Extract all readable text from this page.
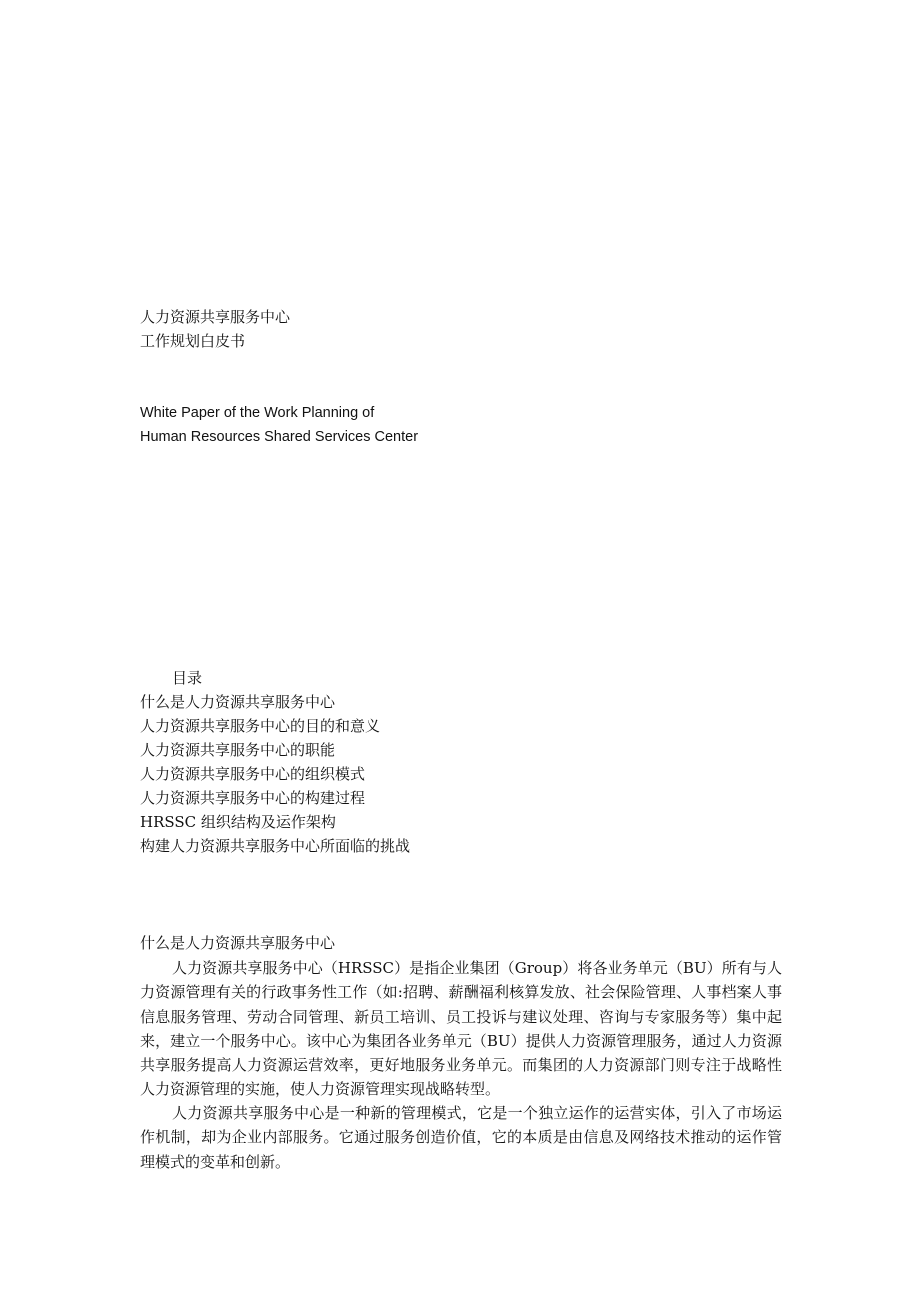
人力资源共享服务中心
工作规划白皮书
White Paper of the Work Planning of
Human Resources Shared Services Center
目录
什么是人力资源共享服务中心
人力资源共享服务中心的目的和意义
人力资源共享服务中心的职能
人力资源共享服务中心的组织模式
人力资源共享服务中心的构建过程
HRSSC 组织结构及运作架构
构建人力资源共享服务中心所面临的挑战
什么是人力资源共享服务中心
人力资源共享服务中心（HRSSC）是指企业集团（Group）将各业务单元（BU）所有与人力资源管理有关的行政事务性工作（如:招聘、薪酬福利核算发放、社会保险管理、人事档案人事信息服务管理、劳动合同管理、新员工培训、员工投诉与建议处理、咨询与专家服务等）集中起来，建立一个服务中心。该中心为集团各业务单元（BU）提供人力资源管理服务，通过人力资源共享服务提高人力资源运营效率，更好地服务业务单元。而集团的人力资源部门则专注于战略性人力资源管理的实施，使人力资源管理实现战略转型。
人力资源共享服务中心是一种新的管理模式，它是一个独立运作的运营实体，引入了市场运作机制，却为企业内部服务。它通过服务创造价值，它的本质是由信息及网络技术推动的运作管理模式的变革和创新。
